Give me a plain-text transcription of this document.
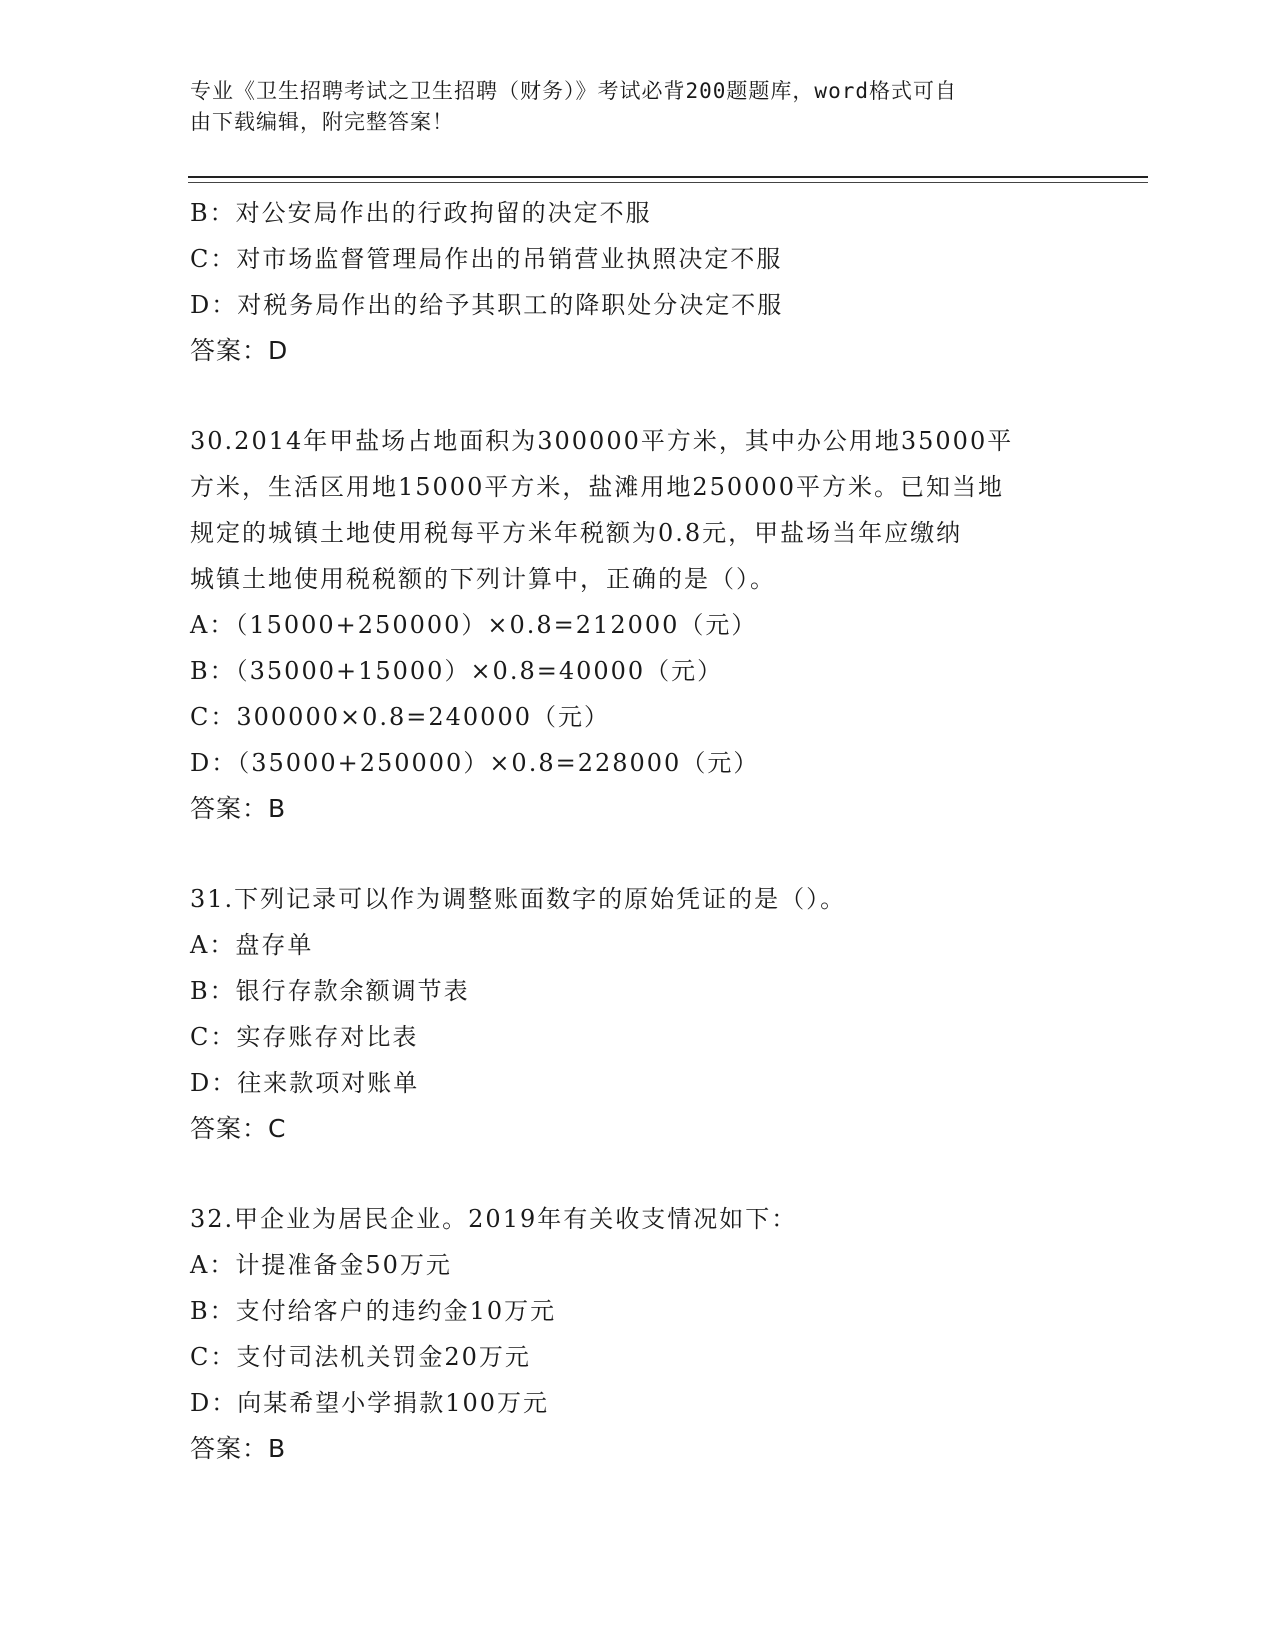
专业《卫生招聘考试之卫生招聘（财务）》考试必背200题题库，word格式可自
由下载编辑，附完整答案！
B：对公安局作出的行政拘留的决定不服
C：对市场监督管理局作出的吊销营业执照决定不服
D：对税务局作出的给予其职工的降职处分决定不服
答案：D
30.2014年甲盐场占地面积为300000平方米，其中办公用地35000平
方米，生活区用地15000平方米，盐滩用地250000平方米。已知当地
规定的城镇土地使用税每平方米年税额为0.8元，甲盐场当年应缴纳
城镇土地使用税税额的下列计算中，正确的是（）。
A：（15000+250000）×0.8=212000（元）
B：（35000+15000）×0.8=40000（元）
C：300000×0.8=240000（元）
D：（35000+250000）×0.8=228000（元）
答案：B
31.下列记录可以作为调整账面数字的原始凭证的是（）。
A：盘存单
B：银行存款余额调节表
C：实存账存对比表
D：往来款项对账单
答案：C
32.甲企业为居民企业。2019年有关收支情况如下：
A：计提准备金50万元
B：支付给客户的违约金10万元
C：支付司法机关罚金20万元
D：向某希望小学捐款100万元
答案：B
